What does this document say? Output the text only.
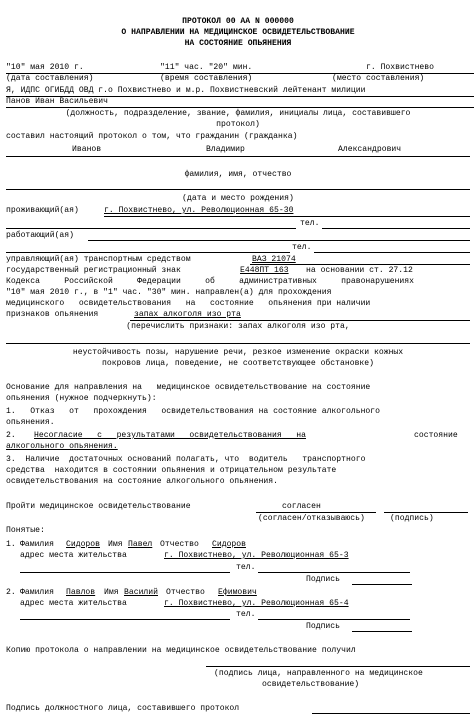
ПРОТОКОЛ 00 АА N 000000
О НАПРАВЛЕНИИ НА МЕДИЦИНСКОЕ ОСВИДЕТЕЛЬСТВОВАНИЕ
НА СОСТОЯНИЕ ОПЬЯНЕНИЯ
"10" мая 2010 г.	"11" час. "20" мин.	г. Похвистнево
(дата составления)	(время составления)	(место составления)
Я, ИДПС ОГИБДД ОВД г.о Похвистнево и м.р. Похвистневский лейтенант милиции
Панов Иван Васильевич
(должность, подразделение, звание, фамилия, инициалы лица, составившего
протокол)
составил настоящий протокол о том, что гражданин (гражданка)
Иванов	Владимир	Александрович
фамилия, имя, отчество
(дата и место рождения)
проживающий(ая)	г. Похвистнево, ул. Революционная 65-30
тел.
работающий(ая)
тел.
управляющий(ая) транспортным средством	ВАЗ 21074
государственный регистрационный знак	Е448ПТ 163 на основании ст. 27.12
Кодекса     Российской     Федерации     об     административных     правонарушениях
"10" мая 2010 г., в "1" час. "30" мин. направлен(а) для прохождения
медицинского   освидетельствования   на   состояние   опьянения при наличии
признаков опьянения	запах алкоголя изо рта
(перечислить признаки: запах алкоголя изо рта,
неустойчивость позы, нарушение речи, резкое изменение окраски кожных
покровов лица, поведение, не соответствующее обстановке)
Основание для направления на   медицинское освидетельствование на состояние
опьянения (нужное подчеркнуть):
1.   Отказ   от   прохождения   освидетельствования на состояние алкогольного
опьянения.
2. Несогласие   с   результатами   освидетельствования   на	состояние
алкогольного опьянения.
3.  Наличие  достаточных оснований полагать, что  водитель   транспортного
средства  находится в состоянии опьянения и отрицательном результате
освидетельствования на состояние алкогольного опьянения.
Пройти медицинское освидетельствование	согласен
(согласен/отказываюсь)	(подпись)
Понятые:
1. Фамилия Сидоров Имя Павел Отчество Сидоров
адрес места жительства	г. Похвистнево, ул. Революционная 65-3
тел.
Подпись
2. Фамилия Павлов Имя Василий Отчество Ефимович
адрес места жительства	г. Похвистнево, ул. Революционная 65-4
тел.
Подпись
Копию протокола о направлении на медицинское освидетельствование получил
(подпись лица, направленного на медицинское
освидетельствование)
Подпись должностного лица, составившего протокол
